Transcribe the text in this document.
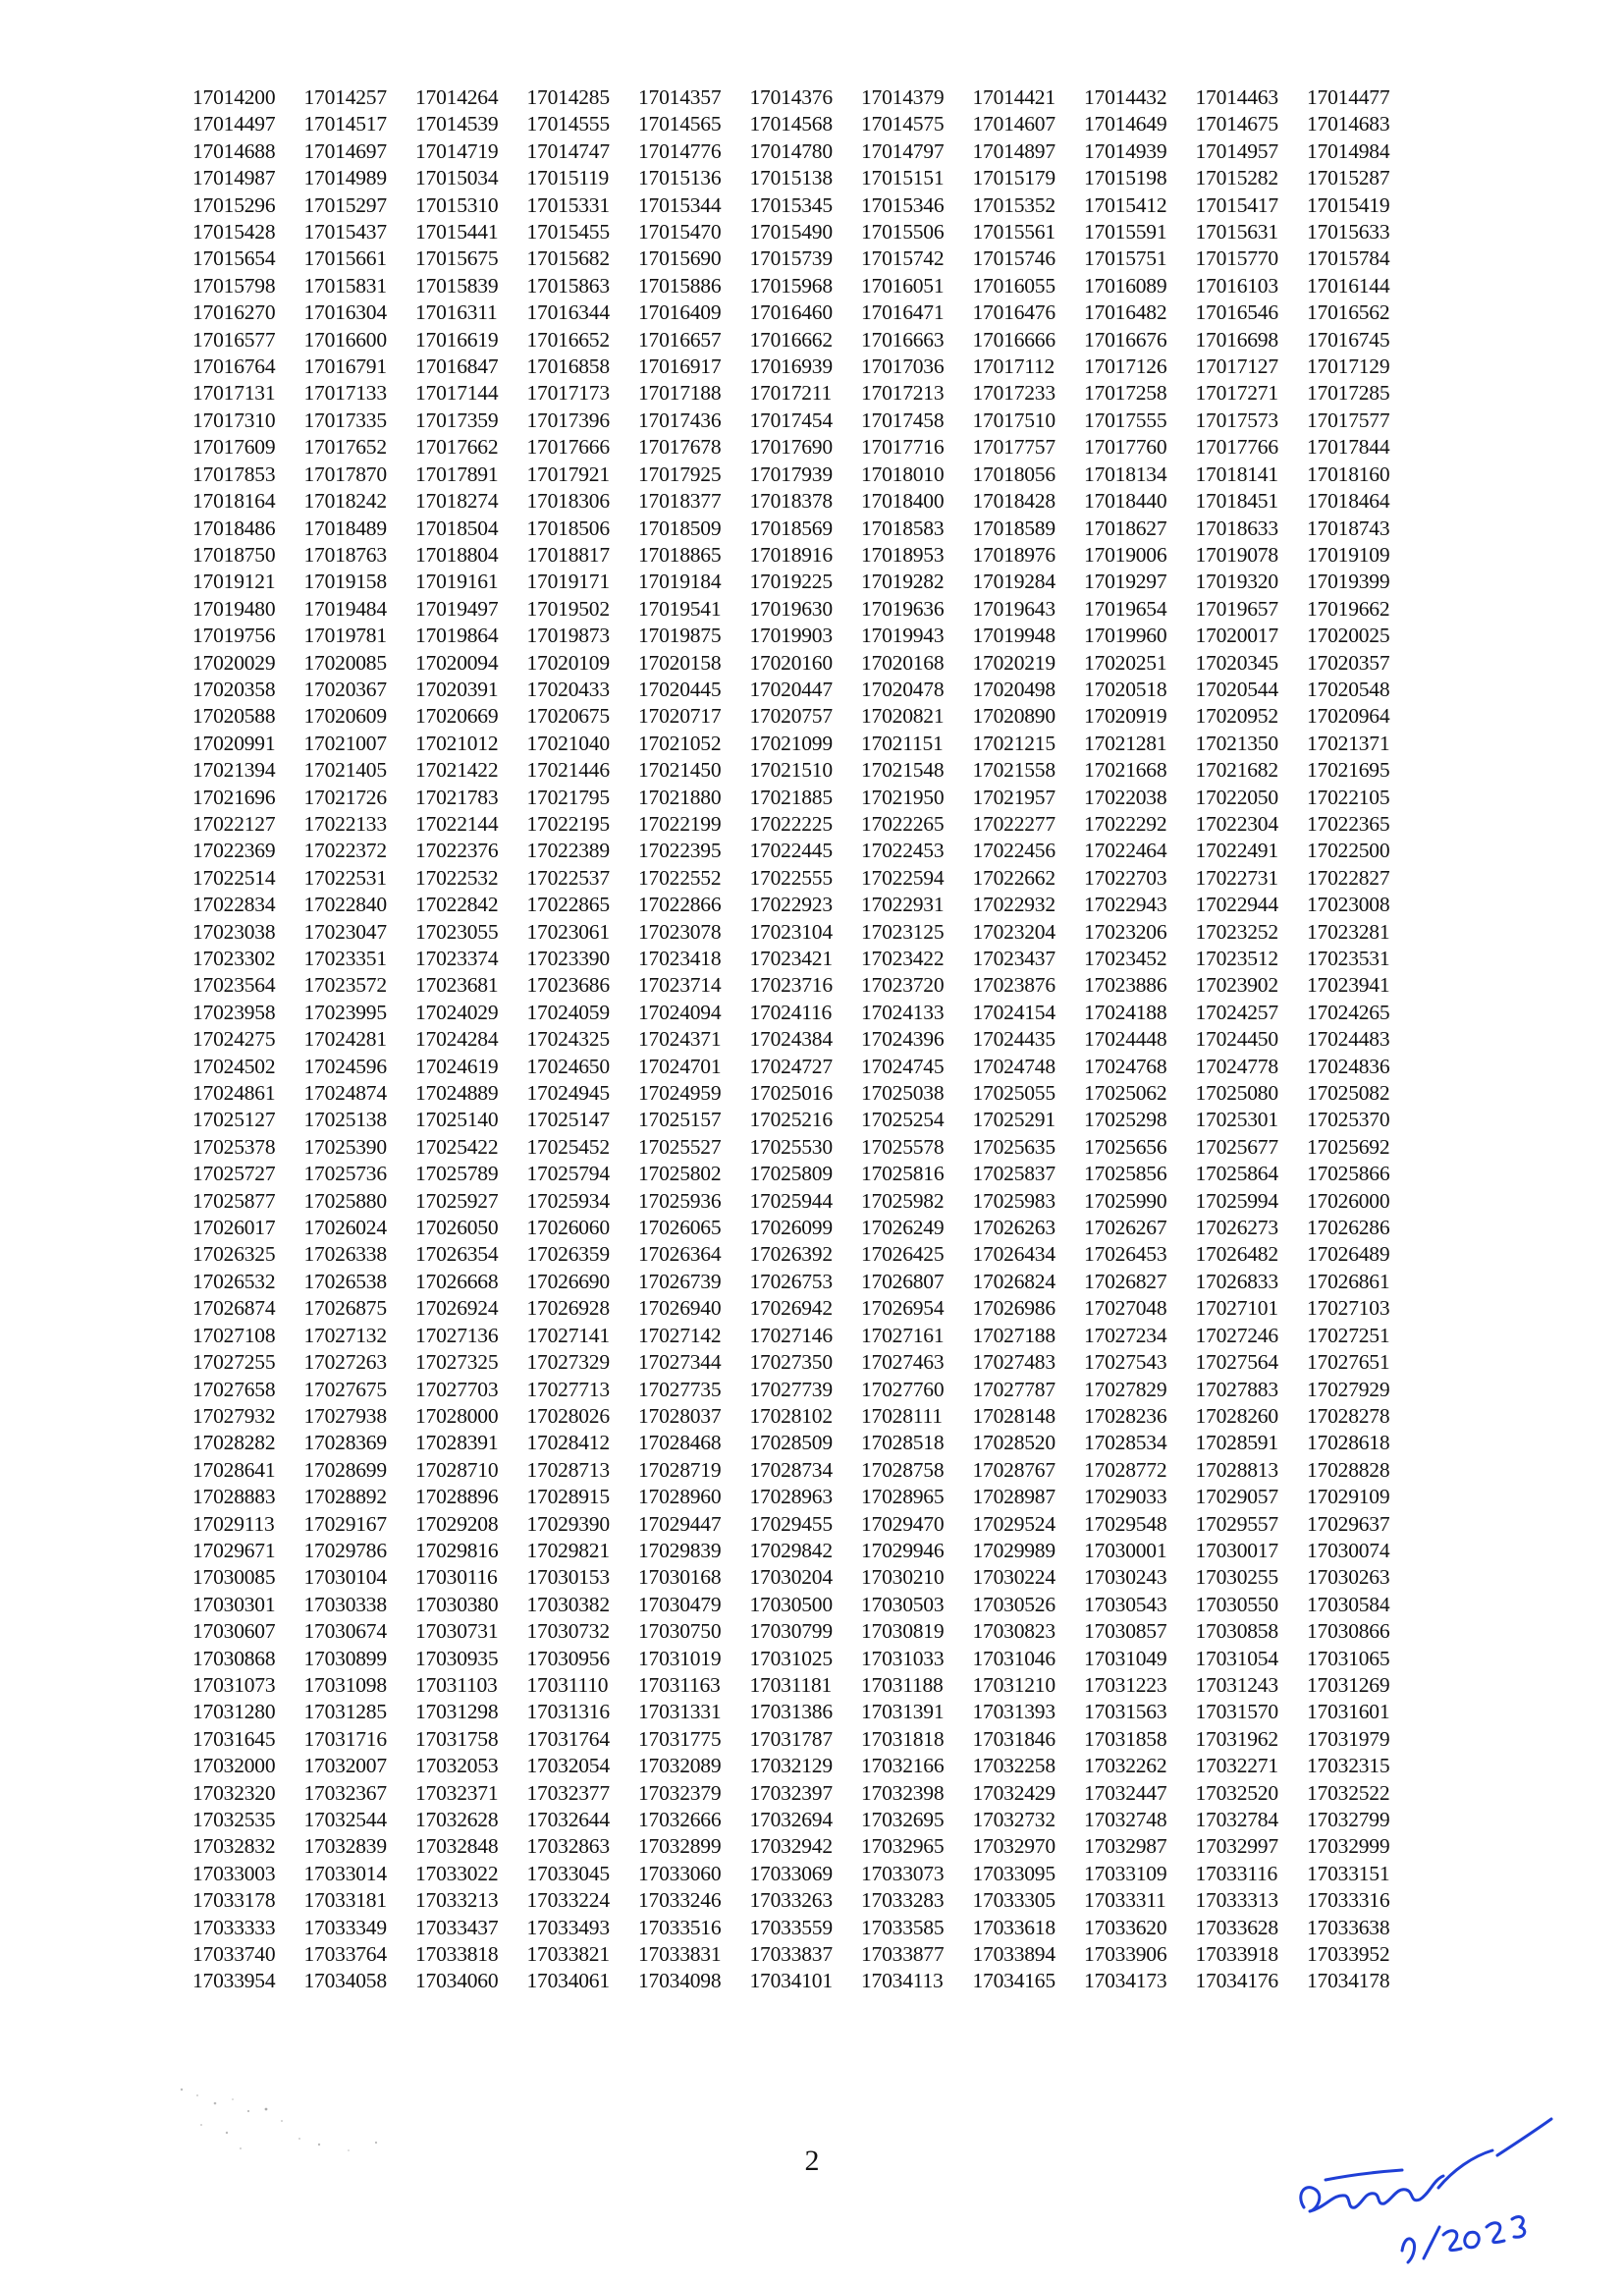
17014200	17014257	17014264	17014285	17014357	17014376	17014379	17014421	17014432	17014463	17014477
17014497	17014517	17014539	17014555	17014565	17014568	17014575	17014607	17014649	17014675	17014683
17014688	17014697	17014719	17014747	17014776	17014780	17014797	17014897	17014939	17014957	17014984
17014987	17014989	17015034	17015119	17015136	17015138	17015151	17015179	17015198	17015282	17015287
17015296	17015297	17015310	17015331	17015344	17015345	17015346	17015352	17015412	17015417	17015419
17015428	17015437	17015441	17015455	17015470	17015490	17015506	17015561	17015591	17015631	17015633
17015654	17015661	17015675	17015682	17015690	17015739	17015742	17015746	17015751	17015770	17015784
17015798	17015831	17015839	17015863	17015886	17015968	17016051	17016055	17016089	17016103	17016144
17016270	17016304	17016311	17016344	17016409	17016460	17016471	17016476	17016482	17016546	17016562
17016577	17016600	17016619	17016652	17016657	17016662	17016663	17016666	17016676	17016698	17016745
17016764	17016791	17016847	17016858	17016917	17016939	17017036	17017112	17017126	17017127	17017129
17017131	17017133	17017144	17017173	17017188	17017211	17017213	17017233	17017258	17017271	17017285
17017310	17017335	17017359	17017396	17017436	17017454	17017458	17017510	17017555	17017573	17017577
17017609	17017652	17017662	17017666	17017678	17017690	17017716	17017757	17017760	17017766	17017844
17017853	17017870	17017891	17017921	17017925	17017939	17018010	17018056	17018134	17018141	17018160
17018164	17018242	17018274	17018306	17018377	17018378	17018400	17018428	17018440	17018451	17018464
17018486	17018489	17018504	17018506	17018509	17018569	17018583	17018589	17018627	17018633	17018743
17018750	17018763	17018804	17018817	17018865	17018916	17018953	17018976	17019006	17019078	17019109
17019121	17019158	17019161	17019171	17019184	17019225	17019282	17019284	17019297	17019320	17019399
17019480	17019484	17019497	17019502	17019541	17019630	17019636	17019643	17019654	17019657	17019662
17019756	17019781	17019864	17019873	17019875	17019903	17019943	17019948	17019960	17020017	17020025
17020029	17020085	17020094	17020109	17020158	17020160	17020168	17020219	17020251	17020345	17020357
17020358	17020367	17020391	17020433	17020445	17020447	17020478	17020498	17020518	17020544	17020548
17020588	17020609	17020669	17020675	17020717	17020757	17020821	17020890	17020919	17020952	17020964
17020991	17021007	17021012	17021040	17021052	17021099	17021151	17021215	17021281	17021350	17021371
17021394	17021405	17021422	17021446	17021450	17021510	17021548	17021558	17021668	17021682	17021695
17021696	17021726	17021783	17021795	17021880	17021885	17021950	17021957	17022038	17022050	17022105
17022127	17022133	17022144	17022195	17022199	17022225	17022265	17022277	17022292	17022304	17022365
17022369	17022372	17022376	17022389	17022395	17022445	17022453	17022456	17022464	17022491	17022500
17022514	17022531	17022532	17022537	17022552	17022555	17022594	17022662	17022703	17022731	17022827
17022834	17022840	17022842	17022865	17022866	17022923	17022931	17022932	17022943	17022944	17023008
17023038	17023047	17023055	17023061	17023078	17023104	17023125	17023204	17023206	17023252	17023281
17023302	17023351	17023374	17023390	17023418	17023421	17023422	17023437	17023452	17023512	17023531
17023564	17023572	17023681	17023686	17023714	17023716	17023720	17023876	17023886	17023902	17023941
17023958	17023995	17024029	17024059	17024094	17024116	17024133	17024154	17024188	17024257	17024265
17024275	17024281	17024284	17024325	17024371	17024384	17024396	17024435	17024448	17024450	17024483
17024502	17024596	17024619	17024650	17024701	17024727	17024745	17024748	17024768	17024778	17024836
17024861	17024874	17024889	17024945	17024959	17025016	17025038	17025055	17025062	17025080	17025082
17025127	17025138	17025140	17025147	17025157	17025216	17025254	17025291	17025298	17025301	17025370
17025378	17025390	17025422	17025452	17025527	17025530	17025578	17025635	17025656	17025677	17025692
17025727	17025736	17025789	17025794	17025802	17025809	17025816	17025837	17025856	17025864	17025866
17025877	17025880	17025927	17025934	17025936	17025944	17025982	17025983	17025990	17025994	17026000
17026017	17026024	17026050	17026060	17026065	17026099	17026249	17026263	17026267	17026273	17026286
17026325	17026338	17026354	17026359	17026364	17026392	17026425	17026434	17026453	17026482	17026489
17026532	17026538	17026668	17026690	17026739	17026753	17026807	17026824	17026827	17026833	17026861
17026874	17026875	17026924	17026928	17026940	17026942	17026954	17026986	17027048	17027101	17027103
17027108	17027132	17027136	17027141	17027142	17027146	17027161	17027188	17027234	17027246	17027251
17027255	17027263	17027325	17027329	17027344	17027350	17027463	17027483	17027543	17027564	17027651
17027658	17027675	17027703	17027713	17027735	17027739	17027760	17027787	17027829	17027883	17027929
17027932	17027938	17028000	17028026	17028037	17028102	17028111	17028148	17028236	17028260	17028278
17028282	17028369	17028391	17028412	17028468	17028509	17028518	17028520	17028534	17028591	17028618
17028641	17028699	17028710	17028713	17028719	17028734	17028758	17028767	17028772	17028813	17028828
17028883	17028892	17028896	17028915	17028960	17028963	17028965	17028987	17029033	17029057	17029109
17029113	17029167	17029208	17029390	17029447	17029455	17029470	17029524	17029548	17029557	17029637
17029671	17029786	17029816	17029821	17029839	17029842	17029946	17029989	17030001	17030017	17030074
17030085	17030104	17030116	17030153	17030168	17030204	17030210	17030224	17030243	17030255	17030263
17030301	17030338	17030380	17030382	17030479	17030500	17030503	17030526	17030543	17030550	17030584
17030607	17030674	17030731	17030732	17030750	17030799	17030819	17030823	17030857	17030858	17030866
17030868	17030899	17030935	17030956	17031019	17031025	17031033	17031046	17031049	17031054	17031065
17031073	17031098	17031103	17031110	17031163	17031181	17031188	17031210	17031223	17031243	17031269
17031280	17031285	17031298	17031316	17031331	17031386	17031391	17031393	17031563	17031570	17031601
17031645	17031716	17031758	17031764	17031775	17031787	17031818	17031846	17031858	17031962	17031979
17032000	17032007	17032053	17032054	17032089	17032129	17032166	17032258	17032262	17032271	17032315
17032320	17032367	17032371	17032377	17032379	17032397	17032398	17032429	17032447	17032520	17032522
17032535	17032544	17032628	17032644	17032666	17032694	17032695	17032732	17032748	17032784	17032799
17032832	17032839	17032848	17032863	17032899	17032942	17032965	17032970	17032987	17032997	17032999
17033003	17033014	17033022	17033045	17033060	17033069	17033073	17033095	17033109	17033116	17033151
17033178	17033181	17033213	17033224	17033246	17033263	17033283	17033305	17033311	17033313	17033316
17033333	17033349	17033437	17033493	17033516	17033559	17033585	17033618	17033620	17033628	17033638
17033740	17033764	17033818	17033821	17033831	17033837	17033877	17033894	17033906	17033918	17033952
17033954	17034058	17034060	17034061	17034098	17034101	17034113	17034165	17034173	17034176	17034178
2
